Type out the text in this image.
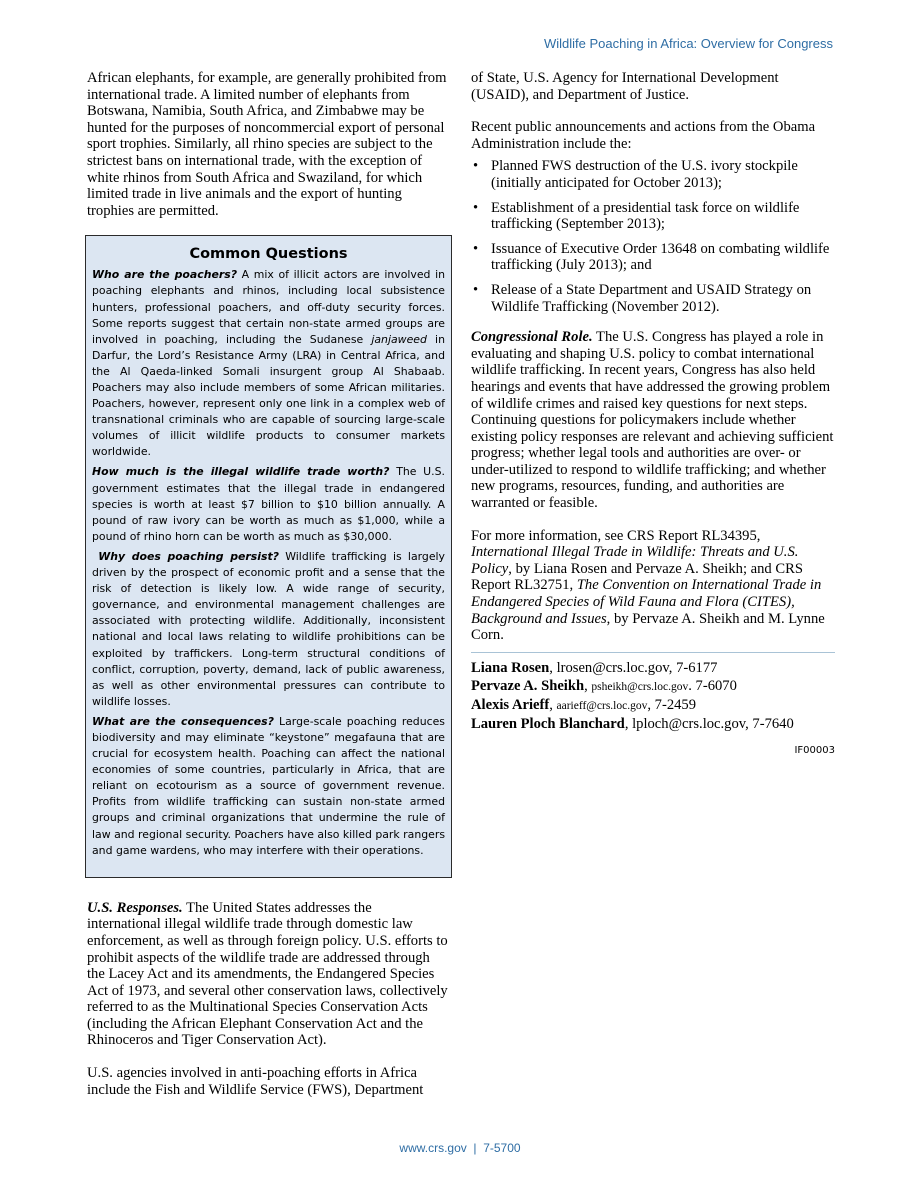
Wildlife Poaching in Africa: Overview for Congress

African elephants, for example, are generally prohibited from international trade. A limited number of elephants from Botswana, Namibia, South Africa, and Zimbabwe may be hunted for the purposes of noncommercial export of personal sport trophies. Similarly, all rhino species are subject to the strictest bans on international trade, with the exception of white rhinos from South Africa and Swaziland, for which limited trade in live animals and the export of hunting trophies are permitted.

Common Questions

Who are the poachers? A mix of illicit actors are involved in poaching elephants and rhinos, including local subsistence hunters, professional poachers, and off-duty security forces. Some reports suggest that certain non-state armed groups are involved in poaching, including the Sudanese janjaweed in Darfur, the Lord’s Resistance Army (LRA) in Central Africa, and the Al Qaeda-linked Somali insurgent group Al Shabaab. Poachers may also include members of some African militaries. Poachers, however, represent only one link in a complex web of transnational criminals who are capable of sourcing large-scale volumes of illicit wildlife products to consumer markets worldwide.

How much is the illegal wildlife trade worth? The U.S. government estimates that the illegal trade in endangered species is worth at least $7 billion to $10 billion annually. A pound of raw ivory can be worth as much as $1,000, while a pound of rhino horn can be worth as much as $30,000.

Why does poaching persist? Wildlife trafficking is largely driven by the prospect of economic profit and a sense that the risk of detection is likely low. A wide range of security, governance, and environmental management challenges are associated with protecting wildlife. Additionally, inconsistent national and local laws relating to wildlife prohibitions can be exploited by traffickers. Long-term structural conditions of conflict, corruption, poverty, demand, lack of public awareness, as well as other environmental pressures can contribute to wildlife losses.

What are the consequences? Large-scale poaching reduces biodiversity and may eliminate “keystone” megafauna that are crucial for ecosystem health. Poaching can affect the national economies of some countries, particularly in Africa, that are reliant on ecotourism as a source of government revenue. Profits from wildlife trafficking can sustain non-state armed groups and criminal organizations that undermine the rule of law and regional security. Poachers have also killed park rangers and game wardens, who may interfere with their operations.

U.S. Responses. The United States addresses the international illegal wildlife trade through domestic law enforcement, as well as through foreign policy. U.S. efforts to prohibit aspects of the wildlife trade are addressed through the Lacey Act and its amendments, the Endangered Species Act of 1973, and several other conservation laws, collectively referred to as the Multinational Species Conservation Acts (including the African Elephant Conservation Act and the Rhinoceros and Tiger Conservation Act).

U.S. agencies involved in anti-poaching efforts in Africa include the Fish and Wildlife Service (FWS), Department

of State, U.S. Agency for International Development (USAID), and Department of Justice.

Recent public announcements and actions from the Obama Administration include the:

• Planned FWS destruction of the U.S. ivory stockpile (initially anticipated for October 2013);
• Establishment of a presidential task force on wildlife trafficking (September 2013);
• Issuance of Executive Order 13648 on combating wildlife trafficking (July 2013); and
• Release of a State Department and USAID Strategy on Wildlife Trafficking (November 2012).

Congressional Role. The U.S. Congress has played a role in evaluating and shaping U.S. policy to combat international wildlife trafficking. In recent years, Congress has also held hearings and events that have addressed the growing problem of wildlife crimes and raised key questions for next steps. Continuing questions for policymakers include whether existing policy responses are relevant and achieving sufficient progress; whether legal tools and authorities are over- or under-utilized to respond to wildlife trafficking; and whether new programs, resources, funding, and authorities are warranted or feasible.

For more information, see CRS Report RL34395, International Illegal Trade in Wildlife: Threats and U.S. Policy, by Liana Rosen and Pervaze A. Sheikh; and CRS Report RL32751, The Convention on International Trade in Endangered Species of Wild Fauna and Flora (CITES), Background and Issues, by Pervaze A. Sheikh and M. Lynne Corn.

Liana Rosen, lrosen@crs.loc.gov, 7-6177
Pervaze A. Sheikh, psheikh@crs.loc.gov. 7-6070
Alexis Arieff, aarieff@crs.loc.gov, 7-2459
Lauren Ploch Blanchard, lploch@crs.loc.gov, 7-7640
IF00003
www.crs.gov  |  7-5700
